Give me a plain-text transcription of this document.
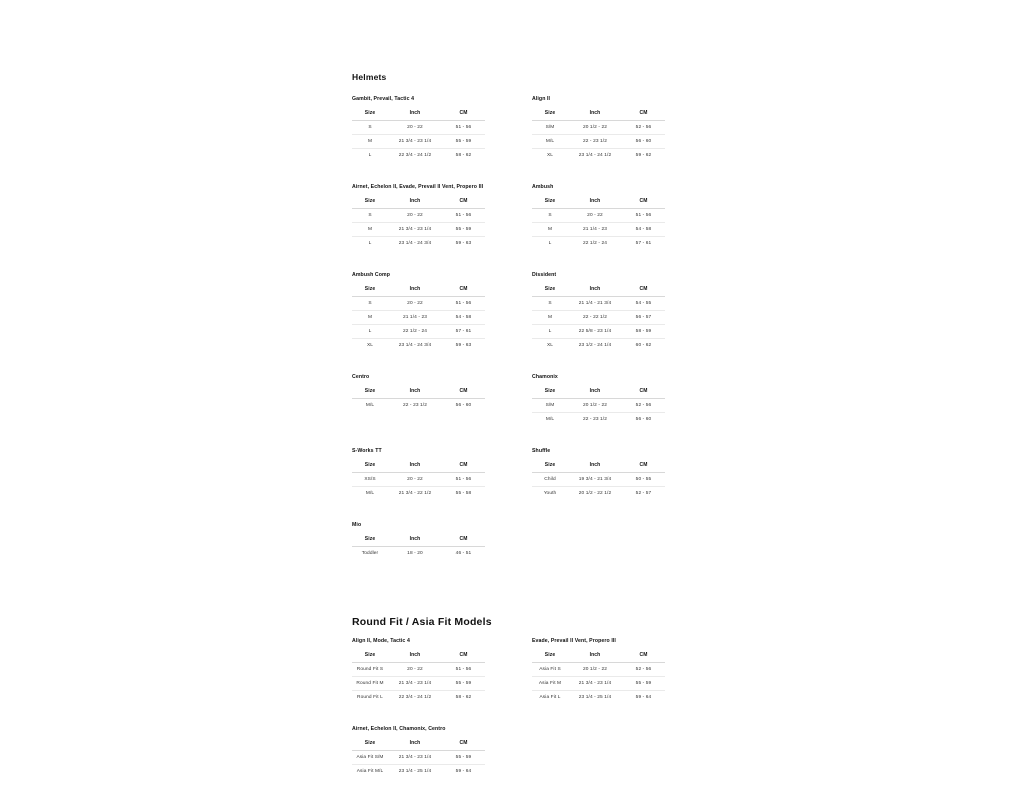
Helmets
Gambit, Prevail, Tactic 4
Size	Inch	CM
S	20 - 22	51 - 56
M	21 3/4 - 23 1/4	55 - 59
L	22 3/4 - 24 1/2	58 - 62
Align II
Size	Inch	CM
S/M	20 1/2 - 22	52 - 56
M/L	22 - 23 1/2	56 - 60
XL	23 1/4 - 24 1/2	59 - 62
Airnet, Echelon II, Evade, Prevail II Vent, Propero III
Size	Inch	CM
S	20 - 22	51 - 56
M	21 3/4 - 23 1/4	55 - 59
L	23 1/4 - 24 3/4	59 - 63
Ambush
Size	Inch	CM
S	20 - 22	51 - 56
M	21 1/4 - 23	54 - 58
L	22 1/2 - 24	57 - 61
Ambush Comp
Size	Inch	CM
S	20 - 22	51 - 56
M	21 1/4 - 23	54 - 58
L	22 1/2 - 24	57 - 61
XL	23 1/4 - 24 3/4	59 - 63
Dissident
Size	Inch	CM
S	21 1/4 - 21 3/4	54 - 55
M	22 - 22 1/2	56 - 57
L	22 5/8 - 23 1/4	58 - 59
XL	23 1/2 - 24 1/4	60 - 62
Centro
Size	Inch	CM
M/L	22 - 23 1/2	56 - 60
Chamonix
Size	Inch	CM
S/M	20 1/2 - 22	52 - 56
M/L	22 - 23 1/2	56 - 60
S-Works TT
Size	Inch	CM
XS/S	20 - 22	51 - 56
M/L	21 3/4 - 22 1/2	55 - 58
Shuffle
Size	Inch	CM
Child	19 3/4 - 21 3/4	50 - 55
Youth	20 1/2 - 22 1/2	52 - 57
Mio
Size	Inch	CM
Toddler	18 - 20	46 - 51
Round Fit / Asia Fit Models
Align II, Mode, Tactic 4
Size	Inch	CM
Round Fit S	20 - 22	51 - 56
Round Fit M	21 3/4 - 23 1/4	55 - 59
Round Fit L	22 3/4 - 24 1/2	58 - 62
Evade, Prevail II Vent, Propero III
Size	Inch	CM
Asia Fit S	20 1/2 - 22	52 - 56
Asia Fit M	21 3/4 - 23 1/4	55 - 59
Asia Fit L	23 1/4 - 25 1/4	59 - 64
Airnet, Echelon II, Chamonix, Centro
Size	Inch	CM
Asia Fit S/M	21 3/4 - 23 1/4	55 - 59
Asia Fit M/L	23 1/4 - 25 1/4	59 - 64
